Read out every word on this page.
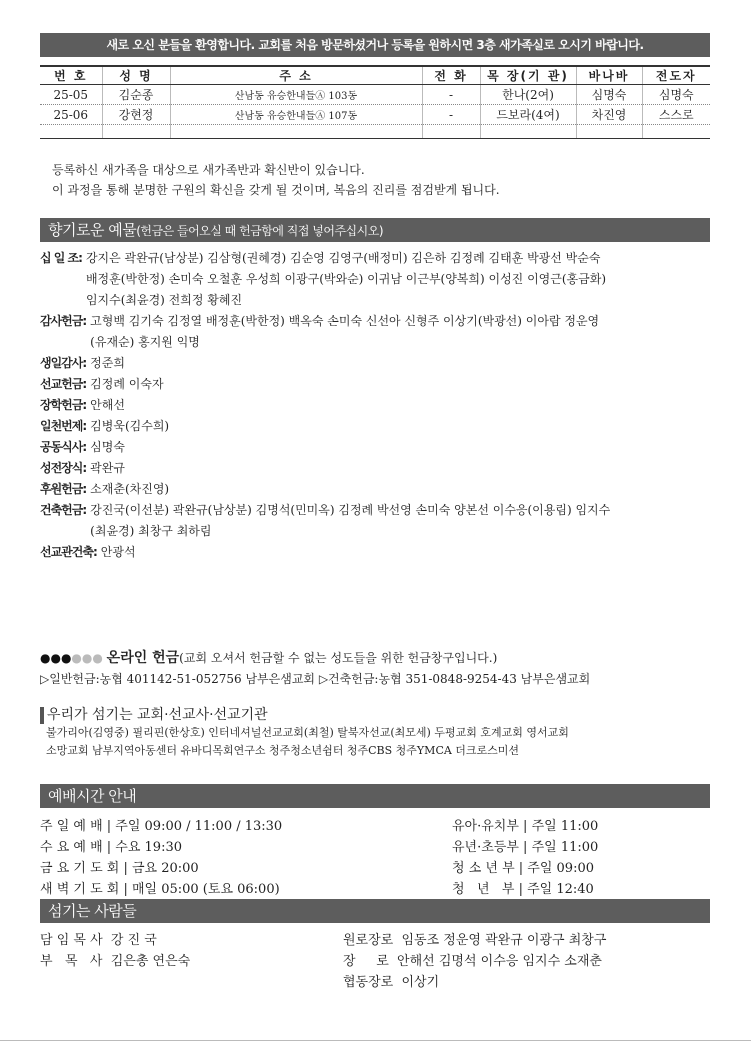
새로 오신 분들을 환영합니다. 교회를 처음 방문하셨거나 등록을 원하시면 3층 새가족실로 오시기 바랍니다.
번 호	성 명	주 소	전 화	목 장(기 관)	바나바	전도자
25-05	김순종	산남동 유승한내들Ⓐ 103동	-	한나(2여)	심명숙	심명숙
25-06	강현정	산남동 유승한내들Ⓐ 107동	-	드보라(4여)	차진영	스스로

등록하신 새가족을 대상으로 새가족반과 확신반이 있습니다.
이 과정을 통해 분명한 구원의 확신을 갖게 될 것이며, 복음의 진리를 점검받게 됩니다.
향기로운 예물(헌금은 들어오실 때 헌금함에 직접 넣어주십시오)
십 일 조: 강지은 곽완규(남상분) 김삼형(권혜경) 김순영 김영구(배정미) 김은하 김정례 김태훈 박광선 박순숙
배정훈(박한정) 손미숙 오철훈 우성희 이광구(박와순) 이귀남 이근부(양복희) 이성진 이영근(홍금화)
임지수(최윤경) 전희정 황혜진
감사헌금: 고형백 김기숙 김정열 배정훈(박한정) 백옥숙 손미숙 신선아 신형주 이상기(박광선) 이아람 정운영
(유재순) 홍지원 익명
생일감사: 정준희
선교헌금: 김정례 이숙자
장학헌금: 안해선
일천번제: 김병욱(김수희)
공동식사: 심명숙
성전장식: 곽완규
후원헌금: 소재춘(차진영)
건축헌금: 강진국(이선분) 곽완규(남상분) 김명석(민미옥) 김정례 박선영 손미숙 양본선 이수응(이용림) 임지수
(최윤경) 최창구 최하림
선교관건축: 안광석
●●●●●● 온라인 헌금(교회 오셔서 헌금할 수 없는 성도들을 위한 헌금창구입니다.)
▷일반헌금:농협 401142-51-052756 남부은샘교회 ▷건축헌금:농협 351-0848-9254-43 남부은샘교회
우리가 섬기는 교회·선교사·선교기관
불가리아(김영중) 필리핀(한상호) 인터네셔널선교교회(최철) 탈북자선교(최모세) 두평교회 호계교회 영서교회
소망교회 남부지역아동센터 유바디목회연구소 청주청소년쉼터 청주CBS 청주YMCA 더크로스미션
예배시간 안내
주 일 예 배 | 주일 09:00 / 11:00 / 13:30
수 요 예 배 | 수요 19:30
금 요 기 도 회 | 금요 20:00
새 벽 기 도 회 | 매일 05:00 (토요 06:00)
유아·유치부 | 주일 11:00
유년·초등부 | 주일 11:00
청 소 년 부 | 주일 09:00
청   년   부 | 주일 12:40
섬기는 사람들
담 임 목 사  강 진 국
부   목   사  김은총 연은숙
원로장로  임동조 정운영 곽완규 이광구 최창구
장     로  안해선 김명석 이수응 임지수 소재춘
협동장로  이상기
